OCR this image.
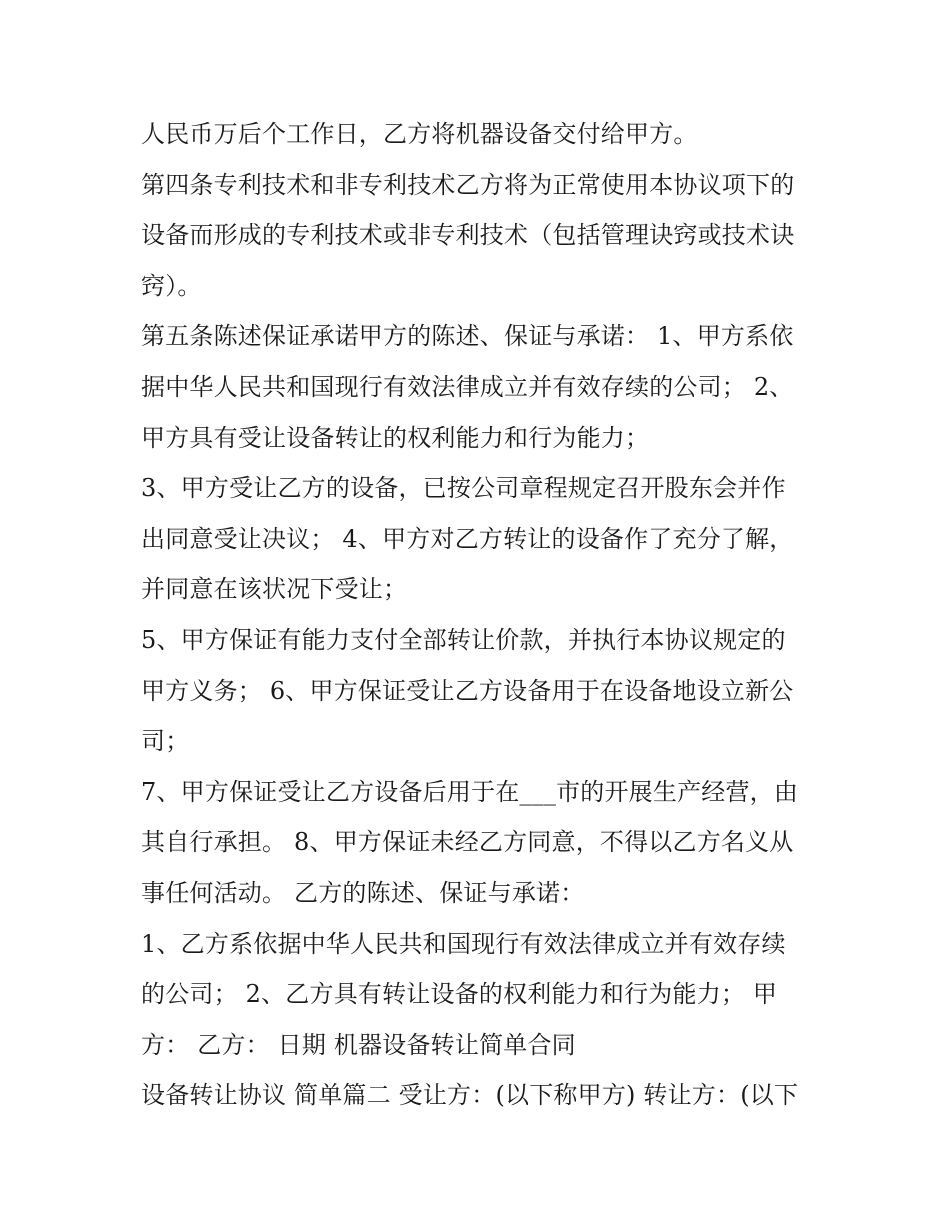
人民币万后个工作日，乙方将机器设备交付给甲方。
第四条专利技术和非专利技术乙方将为正常使用本协议项下的
设备而形成的专利技术或非专利技术（包括管理诀窍或技术诀
窍）。
第五条陈述保证承诺甲方的陈述、保证与承诺： 1、甲方系依
据中华人民共和国现行有效法律成立并有效存续的公司； 2、
甲方具有受让设备转让的权利能力和行为能力；
3、甲方受让乙方的设备，已按公司章程规定召开股东会并作
出同意受让决议； 4、甲方对乙方转让的设备作了充分了解，
并同意在该状况下受让；
5、甲方保证有能力支付全部转让价款，并执行本协议规定的
甲方义务； 6、甲方保证受让乙方设备用于在设备地设立新公
司；
7、甲方保证受让乙方设备后用于在___市的开展生产经营，由
其自行承担。 8、甲方保证未经乙方同意，不得以乙方名义从
事任何活动。 乙方的陈述、保证与承诺：
1、乙方系依据中华人民共和国现行有效法律成立并有效存续
的公司； 2、乙方具有转让设备的权利能力和行为能力； 甲
方： 乙方： 日期 机器设备转让简单合同
设备转让协议 简单篇二 受让方：(以下称甲方) 转让方：(以下
